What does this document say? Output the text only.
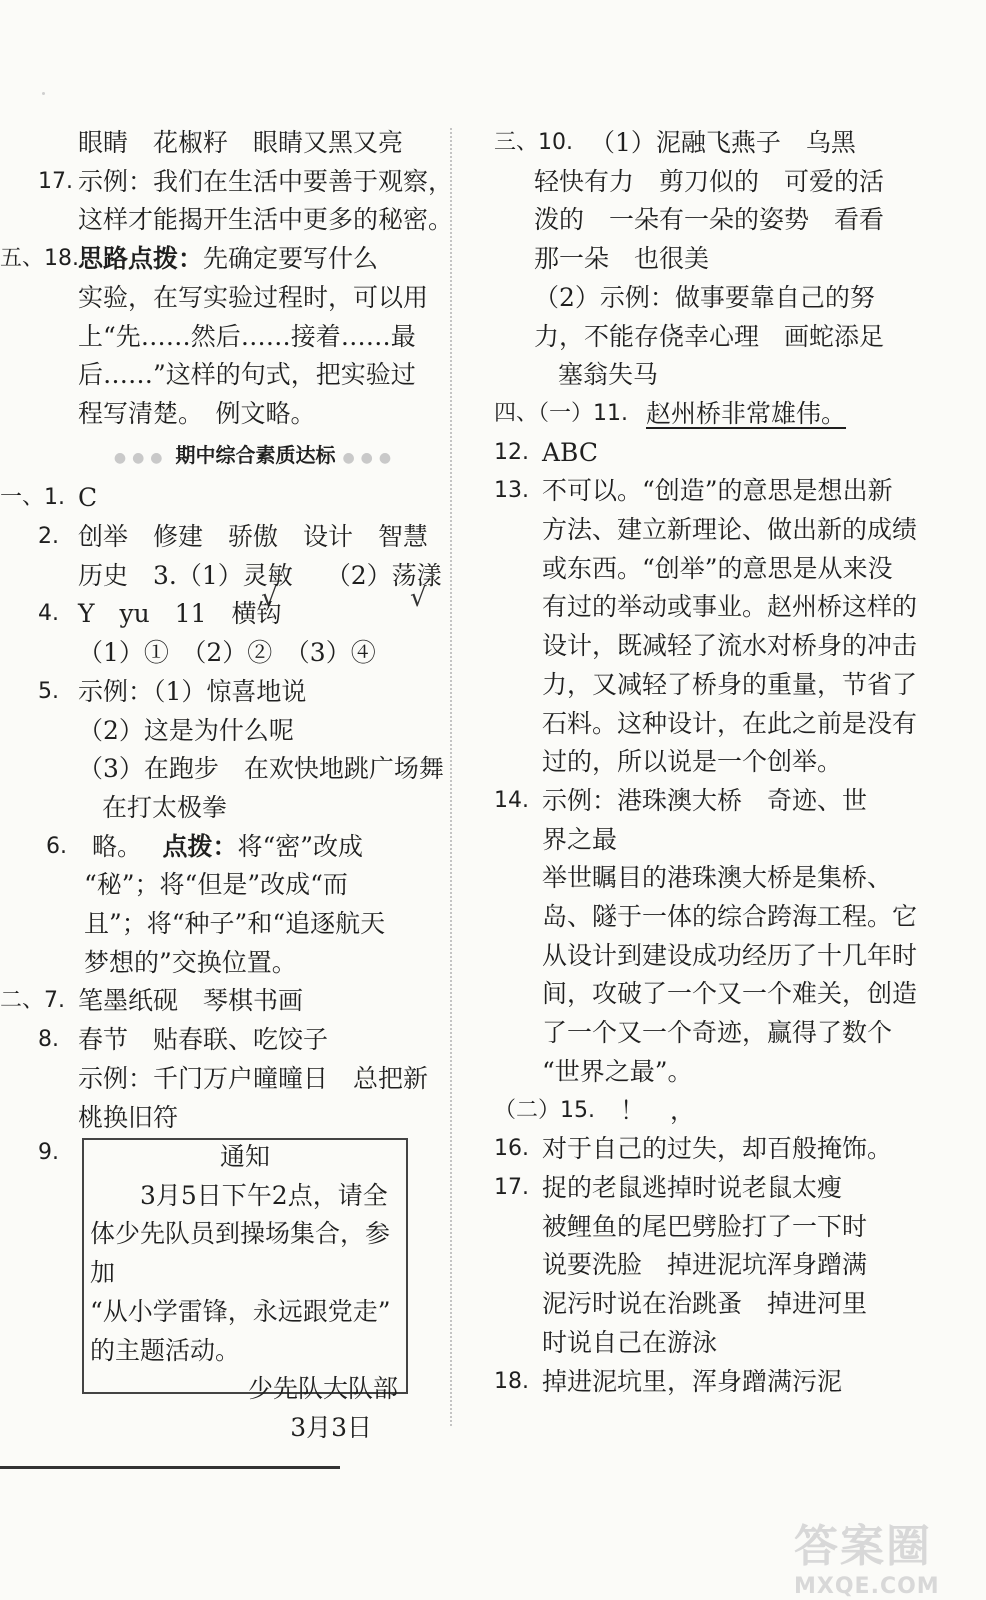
眼睛　花椒籽　眼睛又黑又亮
17. 示例：我们在生活中要善于观察，
这样才能揭开生活中更多的秘密。
五、18. 思路点拨：先确定要写什么
实验，在写实验过程时，可以用
上“先……然后……接着……最
后……”这样的句式，把实验过
程写清楚。　例文略。
●●● 期中综合素质达标 ●●●
一、1. C
2. 创举　修建　骄傲　设计　智慧
历史　3.（1）灵敏 √　 （2）荡漾 √
4. Y　yu　11　横钩
（1）①　（2）②　（3）④
5. 示例：（1）惊喜地说
（2）这是为什么呢
（3）在跑步　在欢快地跳广场舞
在打太极拳
6.	略。　 点拨：将“密”改成
“秘”；将“但是”改成“而
且”；将“种子”和“追逐航天
梦想的”交换位置。
二、7. 笔墨纸砚　琴棋书画
8. 春节　贴春联、吃饺子
示例：千门万户曈曈日　总把新
桃换旧符
9.	通知
3月5日下午2点，请全
体少先队员到操场集合，参加
“从小学雷锋，永远跟党走”
的主题活动。
少先队大队部
3月3日
三、10. （1）泥融飞燕子　乌黑
轻快有力　剪刀似的　可爱的活
泼的　一朵有一朵的姿势　看看
那一朵　也很美
（2）示例：做事要靠自己的努
力，不能存侥幸心理　画蛇添足
塞翁失马
四、（一）11. 赵州桥非常雄伟。
12. ABC
13. 不可以。“创造”的意思是想出新
方法、建立新理论、做出新的成绩
或东西。“创举”的意思是从来没
有过的举动或事业。赵州桥这样的
设计，既减轻了流水对桥身的冲击
力，又减轻了桥身的重量，节省了
石料。这种设计，在此之前是没有
过的，所以说是一个创举。
14. 示例：港珠澳大桥　奇迹、世
界之最
举世瞩目的港珠澳大桥是集桥、
岛、隧于一体的综合跨海工程。它
从设计到建设成功经历了十几年时
间，攻破了一个又一个难关，创造
了一个又一个奇迹，赢得了数个
“世界之最”。
（二）15.	！　，
16. 对于自己的过失，却百般掩饰。
17. 捉的老鼠逃掉时说老鼠太瘦
被鲤鱼的尾巴劈脸打了一下时
说要洗脸　掉进泥坑浑身蹭满
泥污时说在治跳蚤　掉进河里
时说自己在游泳
18. 掉进泥坑里，浑身蹭满污泥
答案圈
MXQE.COM
